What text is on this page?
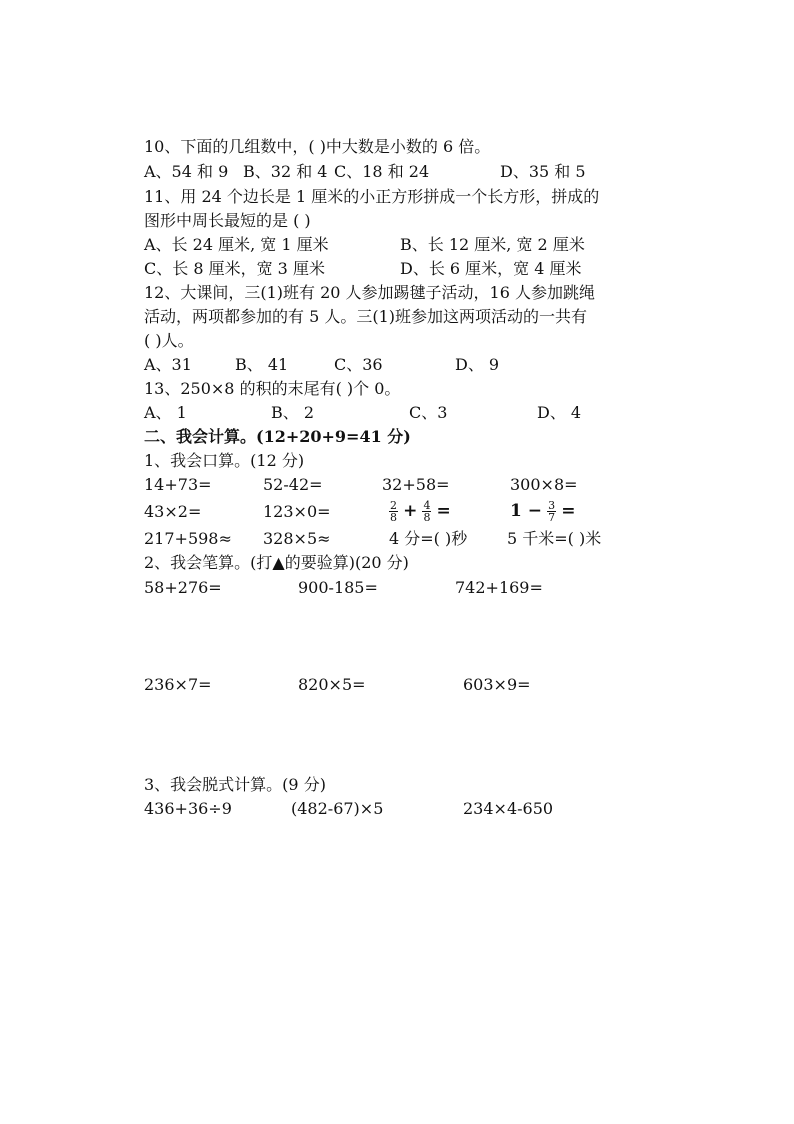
10、下面的几组数中，( )中大数是小数的 6 倍。
A、54 和 9 B、32 和 4 C、18 和 24	D、35 和 5
11、用 24 个边长是 1 厘米的小正方形拼成一个长方形，拼成的
图形中周长最短的是 ( )
A、长 24 厘米, 宽 1 厘米	B、长 12 厘米, 宽 2 厘米
C、长 8 厘米，宽 3 厘米	D、长 6 厘米，宽 4 厘米
12、大课间，三(1)班有 20 人参加踢毽子活动，16 人参加跳绳
活动，两项都参加的有 5 人。三(1)班参加这两项活动的一共有
( )人。
A、31	B、 41	C、36	D、 9
13、250×8 的积的末尾有( )个 0。
A、 1	B、 2	C、3	D、 4
二、我会计算。(12+20+9=41 分)
1、我会口算。(12 分)
14+73=	52-42=	32+58=	300×8=
43×2=	123×0=	$\frac{2}{8} + \frac{4}{8}$ =	$1 - \frac{3}{7}$ =
217+598≈ 328×5≈	4 分=( )秒 5 千米=( )米
2、我会笔算。(打▲的要验算)(20 分)
58+276=	900-185=	742+169=
236×7=	820×5=	603×9=
3、我会脱式计算。(9 分)
436+36÷9	(482-67)×5	234×4-650
